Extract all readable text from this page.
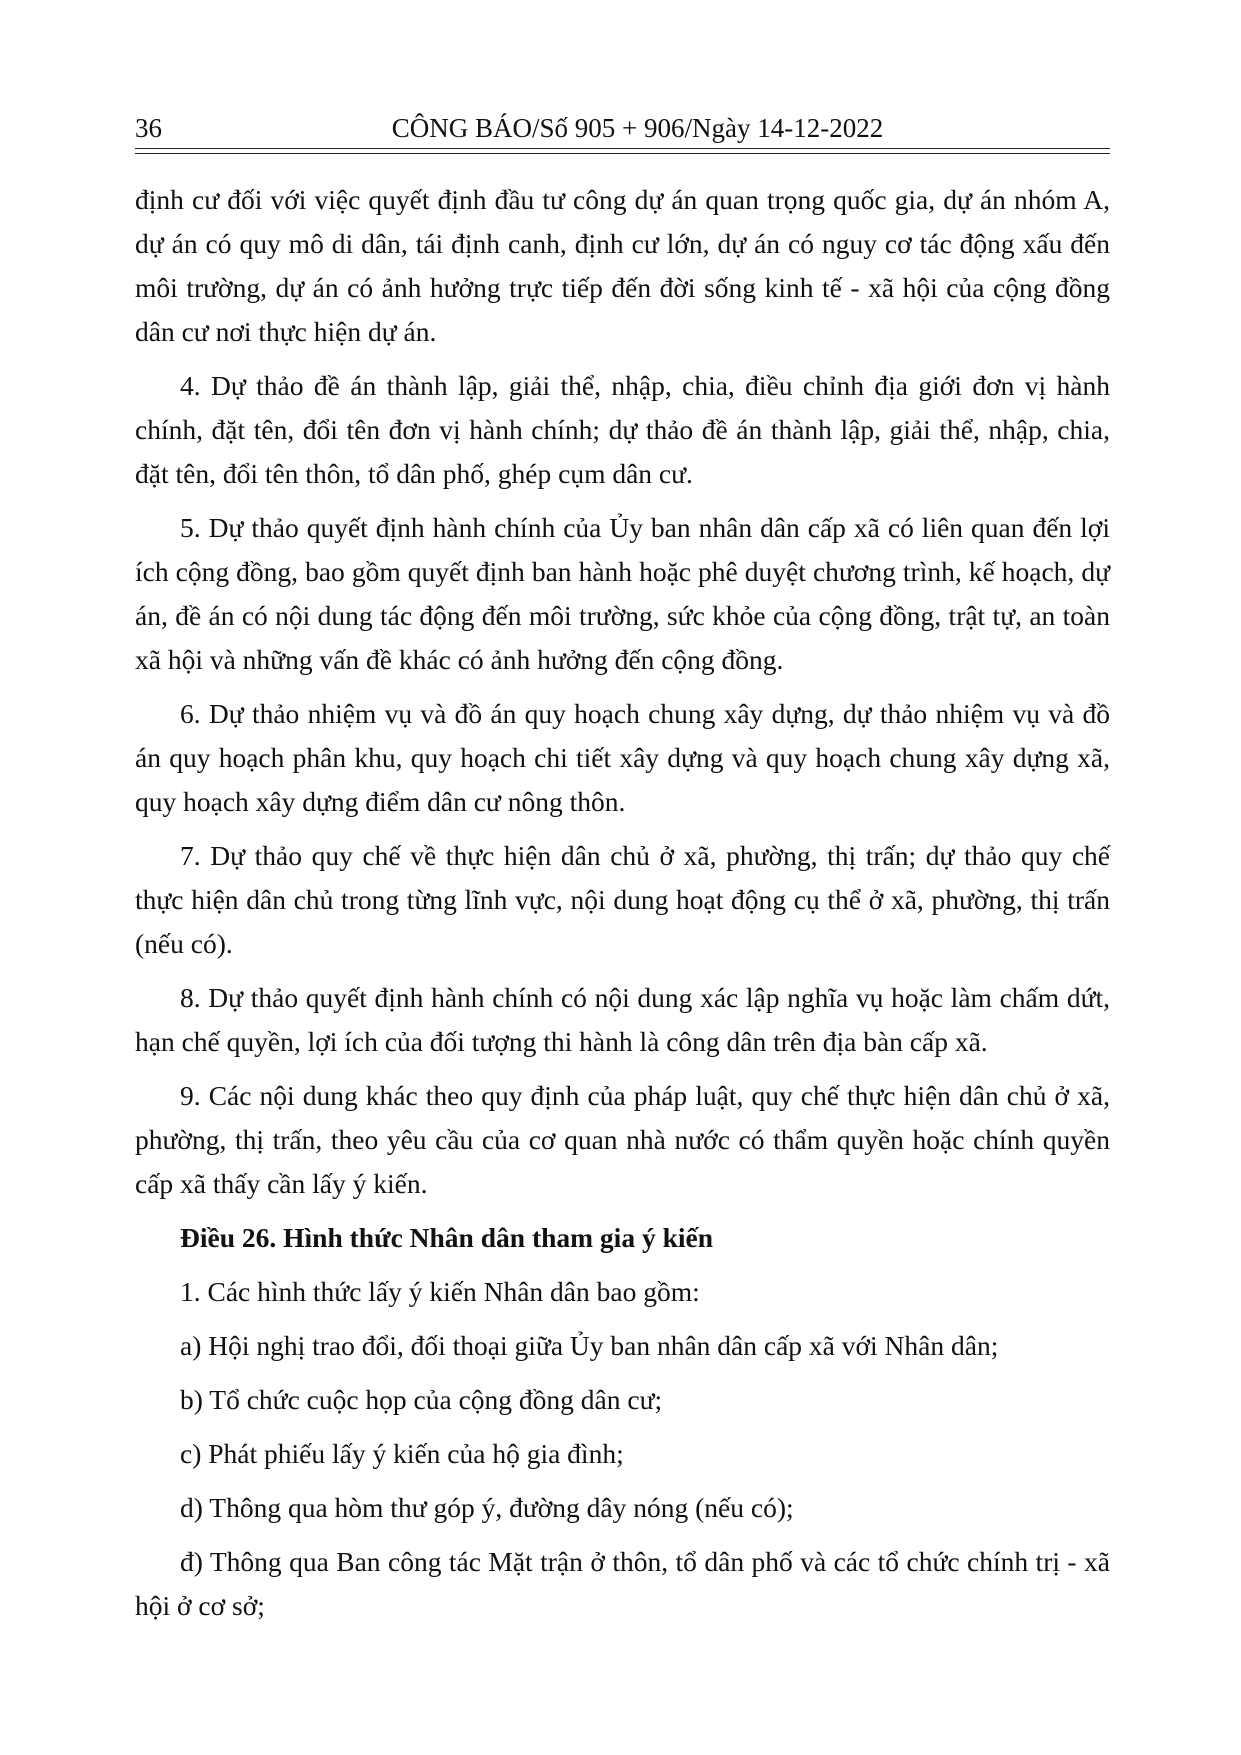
36	CÔNG BÁO/Số 905 + 906/Ngày 14-12-2022

định cư đối với việc quyết định đầu tư công dự án quan trọng quốc gia, dự án nhóm A, dự án có quy mô di dân, tái định canh, định cư lớn, dự án có nguy cơ tác động xấu đến môi trường, dự án có ảnh hưởng trực tiếp đến đời sống kinh tế - xã hội của cộng đồng dân cư nơi thực hiện dự án.

4. Dự thảo đề án thành lập, giải thể, nhập, chia, điều chỉnh địa giới đơn vị hành chính, đặt tên, đổi tên đơn vị hành chính; dự thảo đề án thành lập, giải thể, nhập, chia, đặt tên, đổi tên thôn, tổ dân phố, ghép cụm dân cư.

5. Dự thảo quyết định hành chính của Ủy ban nhân dân cấp xã có liên quan đến lợi ích cộng đồng, bao gồm quyết định ban hành hoặc phê duyệt chương trình, kế hoạch, dự án, đề án có nội dung tác động đến môi trường, sức khỏe của cộng đồng, trật tự, an toàn xã hội và những vấn đề khác có ảnh hưởng đến cộng đồng.

6. Dự thảo nhiệm vụ và đồ án quy hoạch chung xây dựng, dự thảo nhiệm vụ và đồ án quy hoạch phân khu, quy hoạch chi tiết xây dựng và quy hoạch chung xây dựng xã, quy hoạch xây dựng điểm dân cư nông thôn.

7. Dự thảo quy chế về thực hiện dân chủ ở xã, phường, thị trấn; dự thảo quy chế thực hiện dân chủ trong từng lĩnh vực, nội dung hoạt động cụ thể ở xã, phường, thị trấn (nếu có).

8. Dự thảo quyết định hành chính có nội dung xác lập nghĩa vụ hoặc làm chấm dứt, hạn chế quyền, lợi ích của đối tượng thi hành là công dân trên địa bàn cấp xã.

9. Các nội dung khác theo quy định của pháp luật, quy chế thực hiện dân chủ ở xã, phường, thị trấn, theo yêu cầu của cơ quan nhà nước có thẩm quyền hoặc chính quyền cấp xã thấy cần lấy ý kiến.

Điều 26. Hình thức Nhân dân tham gia ý kiến

1. Các hình thức lấy ý kiến Nhân dân bao gồm:

a) Hội nghị trao đổi, đối thoại giữa Ủy ban nhân dân cấp xã với Nhân dân;

b) Tổ chức cuộc họp của cộng đồng dân cư;

c) Phát phiếu lấy ý kiến của hộ gia đình;

d) Thông qua hòm thư góp ý, đường dây nóng (nếu có);

đ) Thông qua Ban công tác Mặt trận ở thôn, tổ dân phố và các tổ chức chính trị - xã hội ở cơ sở;
